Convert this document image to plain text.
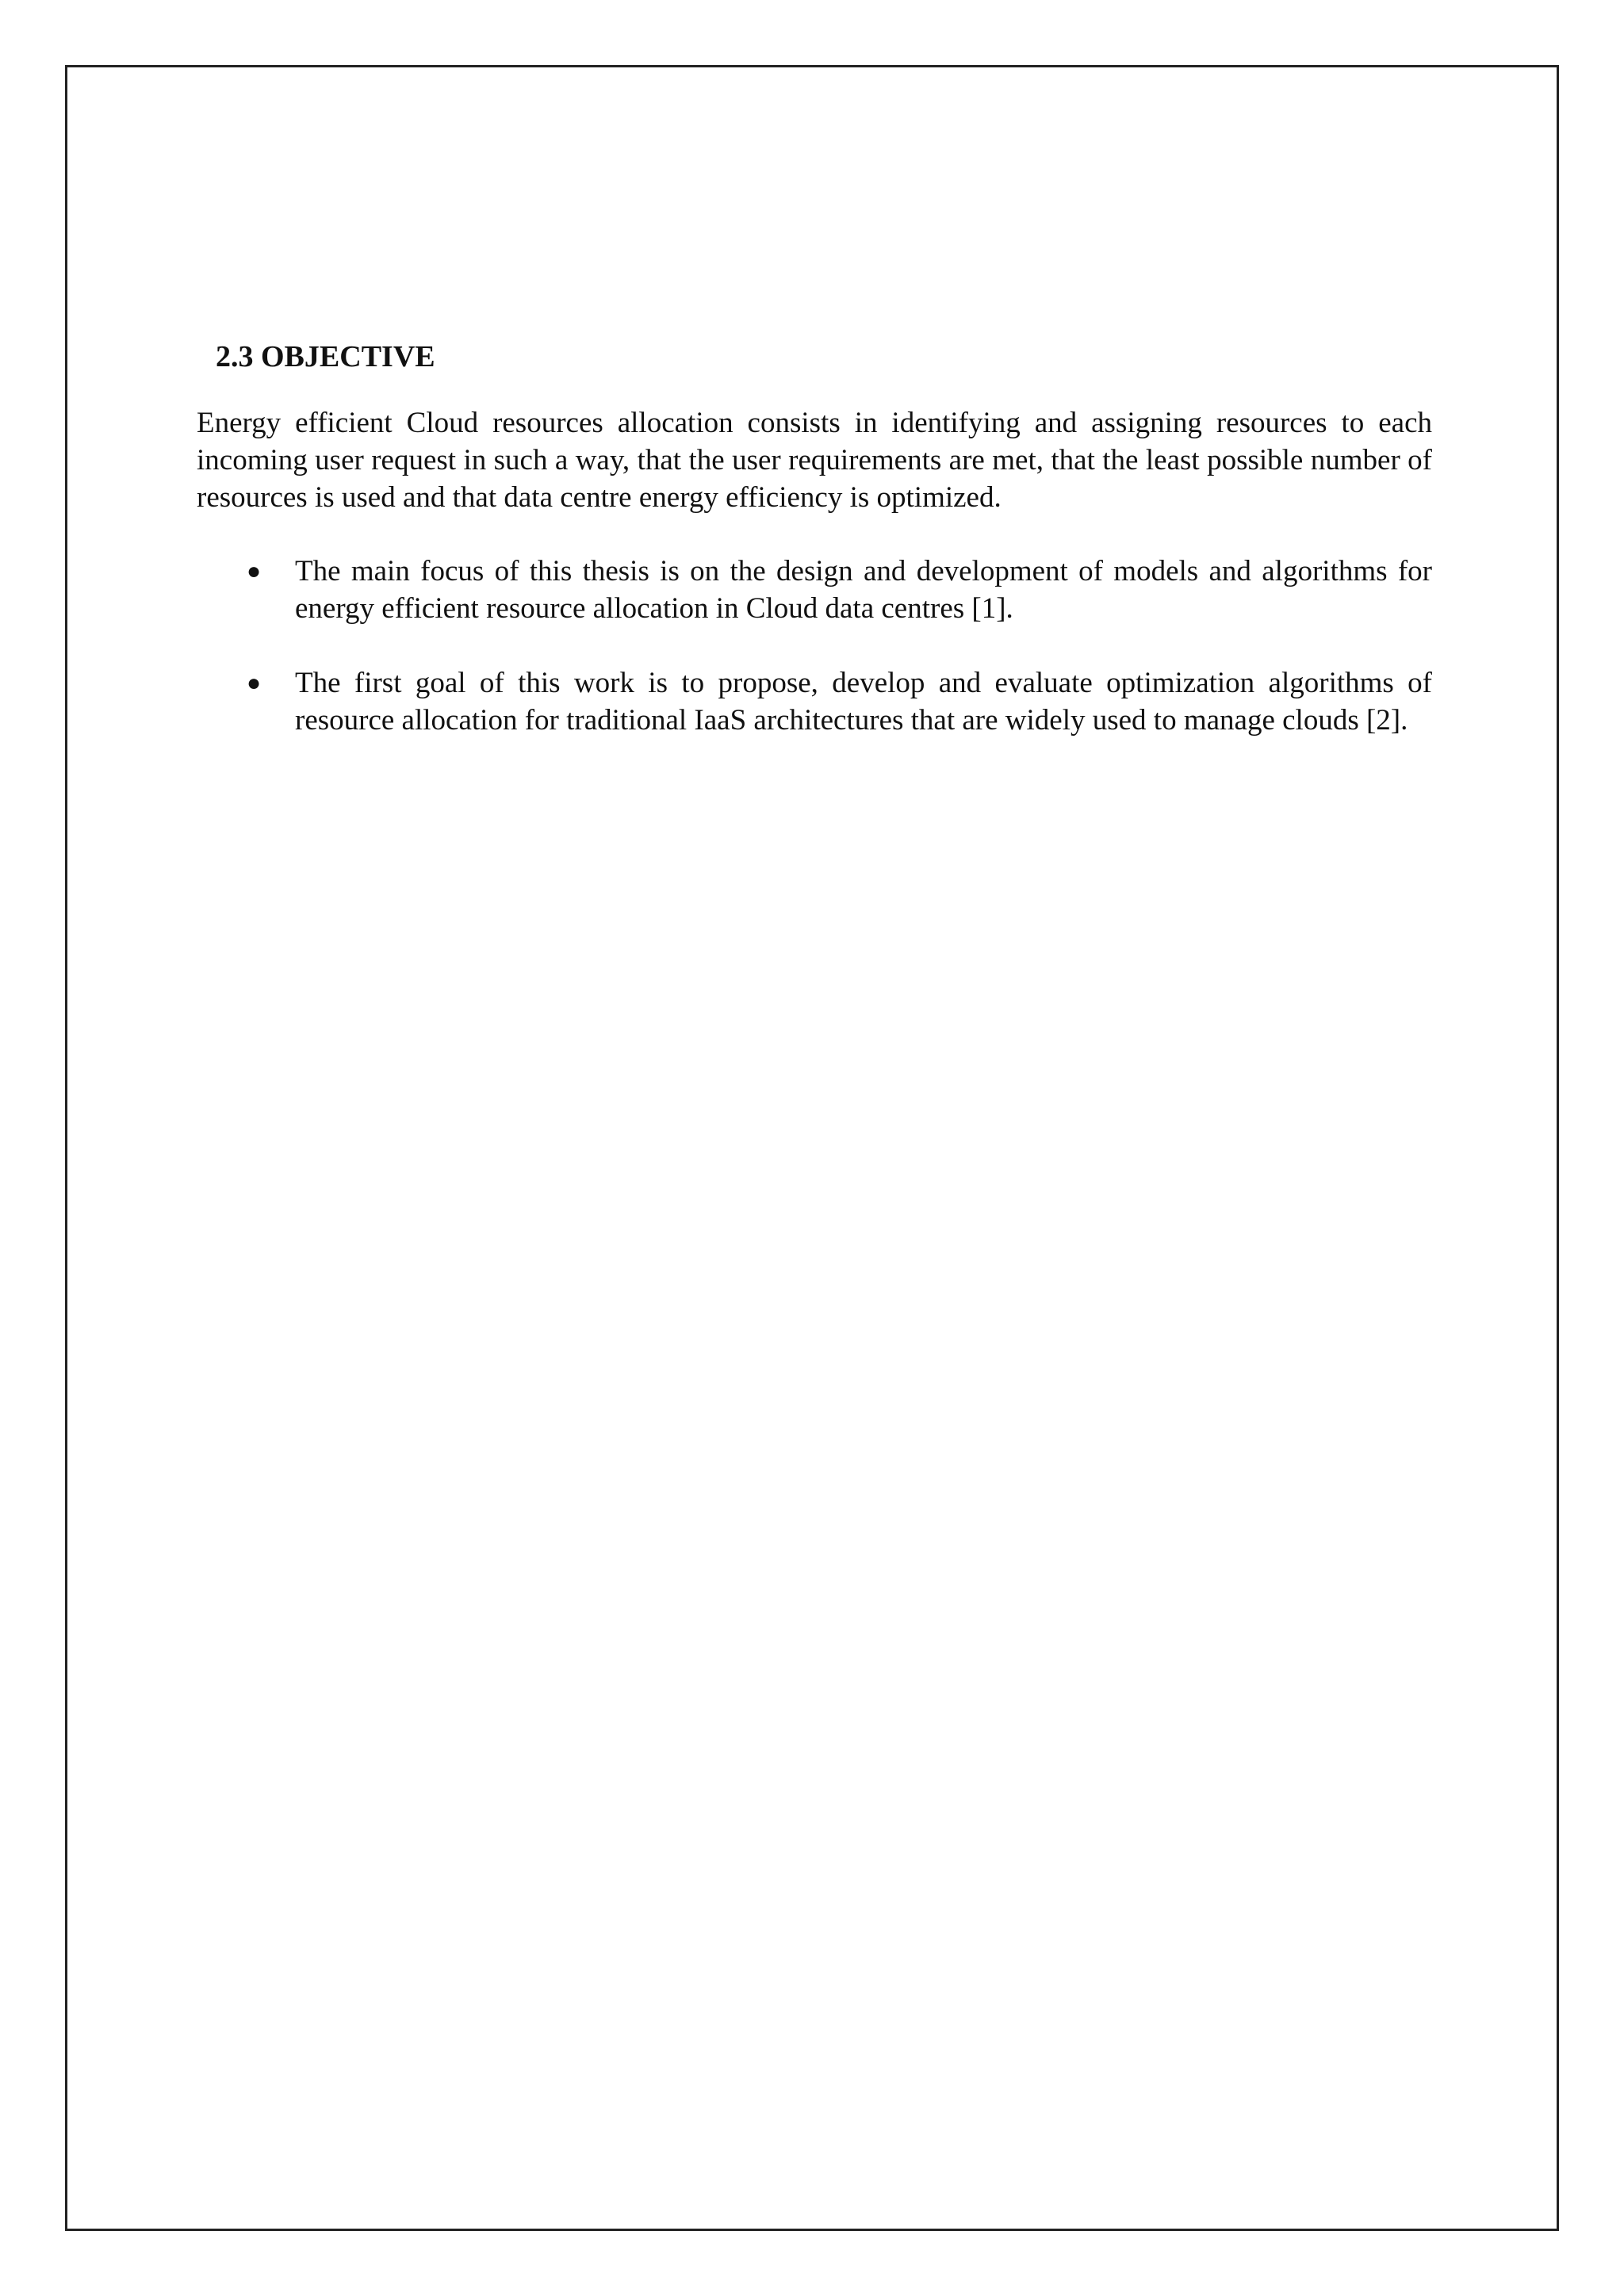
2.3 OBJECTIVE

Energy efficient Cloud resources allocation consists in identifying and assigning resources to each incoming user request in such a way, that the user requirements are met, that the least possible number of resources is used and that data centre energy efficiency is optimized.

● The main focus of this thesis is on the design and development of models and algorithms for energy efficient resource allocation in Cloud data centres [1].
● The first goal of this work is to propose, develop and evaluate optimization algorithms of resource allocation for traditional IaaS architectures that are widely used to manage clouds [2].
